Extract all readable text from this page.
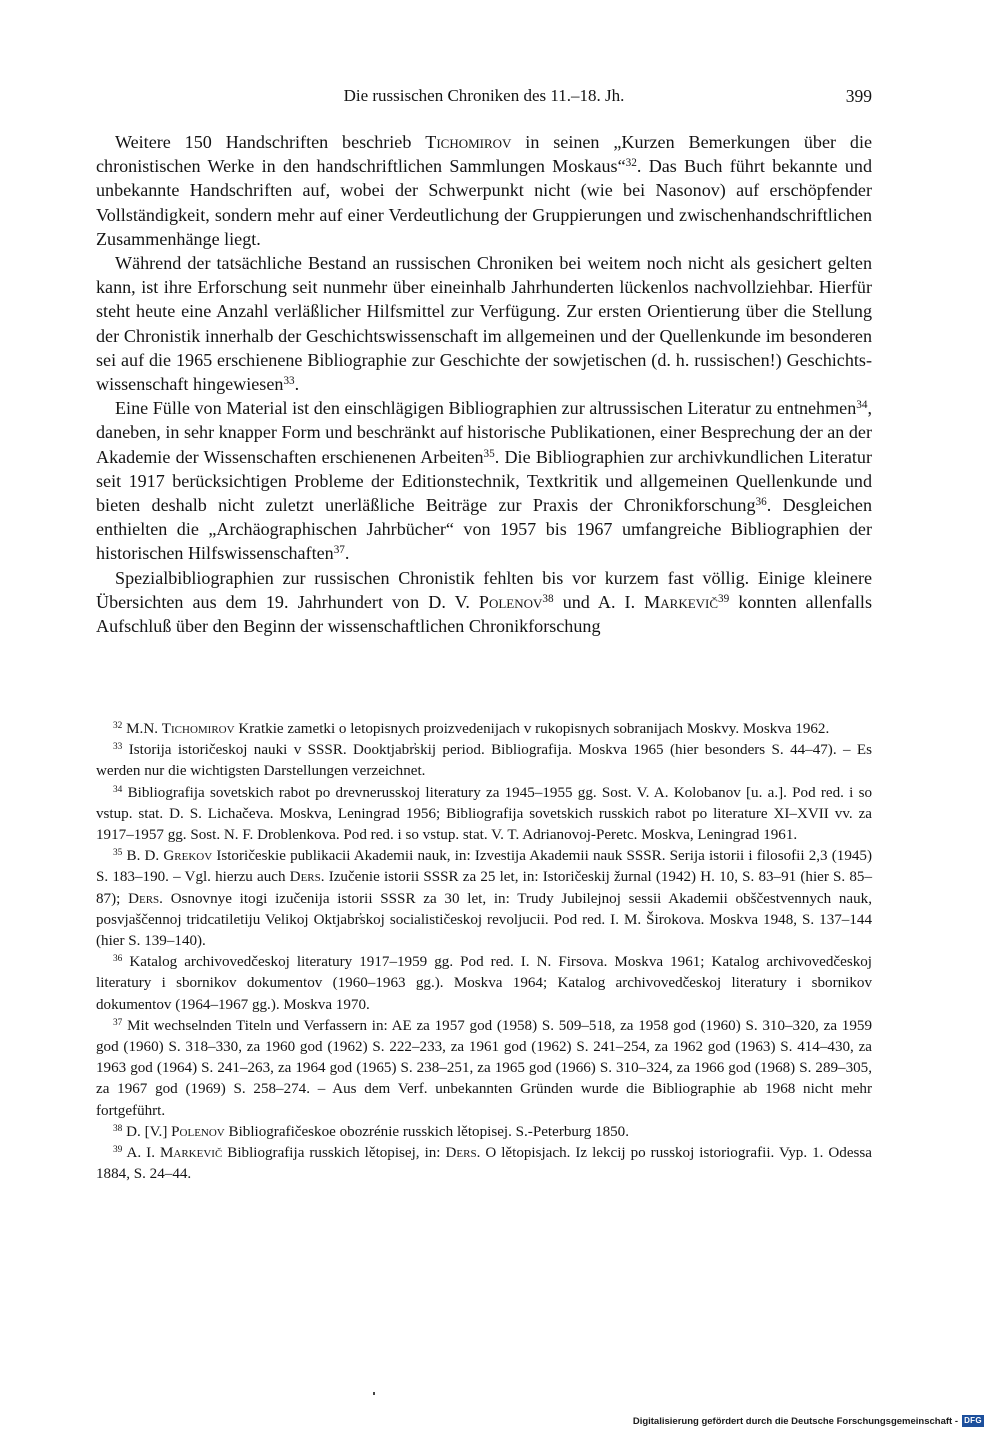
Die russischen Chroniken des 11.–18. Jh.	399

Weitere 150 Handschriften beschrieb Tichomirov in seinen „Kurzen Bemerkungen über die chronistischen Werke in den handschriftlichen Sammlungen Moskaus“$^{32}$. Das Buch führt bekannte und unbekannte Handschriften auf, wobei der Schwerpunkt nicht (wie bei Nasonov) auf erschöpfender Vollständigkeit, sondern mehr auf einer Verdeutlichung der Gruppierungen und zwischenhandschriftlichen Zusammenhänge liegt.

Während der tatsächliche Bestand an russischen Chroniken bei weitem noch nicht als gesichert gelten kann, ist ihre Erforschung seit nunmehr über eineinhalb Jahrhunderten lückenlos nachvollziehbar. Hierfür steht heute eine Anzahl verläßlicher Hilfsmittel zur Verfügung. Zur ersten Orientierung über die Stellung der Chronistik innerhalb der Geschichtswissenschaft im allgemeinen und der Quellenkunde im besonderen sei auf die 1965 erschienene Bibliographie zur Geschichte der sowjetischen (d. h. russischen!) Geschichtswissenschaft hingewiesen$^{33}$.

Eine Fülle von Material ist den einschlägigen Bibliographien zur altrussischen Literatur zu entnehmen$^{34}$, daneben, in sehr knapper Form und beschränkt auf historische Publikationen, einer Besprechung der an der Akademie der Wissenschaften erschienenen Arbeiten$^{35}$. Die Bibliographien zur archivkundlichen Literatur seit 1917 berücksichtigen Probleme der Editionstechnik, Textkritik und allgemeinen Quellenkunde und bieten deshalb nicht zuletzt unerläßliche Beiträge zur Praxis der Chronikforschung$^{36}$. Desgleichen enthielten die „Archäographischen Jahrbücher“ von 1957 bis 1967 umfangreiche Bibliographien der historischen Hilfswissenschaften$^{37}$.

Spezialbibliographien zur russischen Chronistik fehlten bis vor kurzem fast völlig. Einige kleinere Übersichten aus dem 19. Jahrhundert von D. V. Polenov$^{38}$ und A. I. Markevič$^{39}$ konnten allenfalls Aufschluß über den Beginn der wissenschaftlichen Chronikforschung

$^{32}$ M.N. Tichomirov Kratkie zametki o letopisnych proizvedenijach v rukopisnych sobranijach Moskvy. Moskva 1962.

$^{33}$ Istorija istoričeskoj nauki v SSSR. Dooktjabr̕skij period. Bibliografija. Moskva 1965 (hier besonders S. 44–47). – Es werden nur die wichtigsten Darstellungen verzeichnet.

$^{34}$ Bibliografija sovetskich rabot po drevnerusskoj literatury za 1945–1955 gg. Sost. V. A. Kolobanov [u. a.]. Pod red. i so vstup. stat. D. S. Lichačeva. Moskva, Leningrad 1956; Bibliografija sovetskich russkich rabot po literature XI–XVII vv. za 1917–1957 gg. Sost. N. F. Droblenkova. Pod red. i so vstup. stat. V. T. Adrianovoj-Peretc. Moskva, Leningrad 1961.

$^{35}$ B. D. Grekov Istoričeskie publikacii Akademii nauk, in: Izvestija Akademii nauk SSSR. Serija istorii i filosofii 2,3 (1945) S. 183–190. – Vgl. hierzu auch Ders. Izučenie istorii SSSR za 25 let, in: Istoričeskij žurnal (1942) H. 10, S. 83–91 (hier S. 85–87); Ders. Osnovnye itogi izučenija istorii SSSR za 30 let, in: Trudy Jubilejnoj sessii Akademii obščestvennych nauk, posvjaščennoj tridcatiletiju Velikoj Oktjabr̕skoj socialističeskoj revoljucii. Pod red. I. M. Širokova. Moskva 1948, S. 137–144 (hier S. 139–140).

$^{36}$ Katalog archivovedčeskoj literatury 1917–1959 gg. Pod red. I. N. Firsova. Moskva 1961; Katalog archivovedčeskoj literatury i sbornikov dokumentov (1960–1963 gg.). Moskva 1964; Katalog archivovedčeskoj literatury i sbornikov dokumentov (1964–1967 gg.). Moskva 1970.

$^{37}$ Mit wechselnden Titeln und Verfassern in: AE za 1957 god (1958) S. 509–518, za 1958 god (1960) S. 310–320, za 1959 god (1960) S. 318–330, za 1960 god (1962) S. 222–233, za 1961 god (1962) S. 241–254, za 1962 god (1963) S. 414–430, za 1963 god (1964) S. 241–263, za 1964 god (1965) S. 238–251, za 1965 god (1966) S. 310–324, za 1966 god (1968) S. 289–305, za 1967 god (1969) S. 258–274. – Aus dem Verf. unbekannten Gründen wurde die Bibliographie ab 1968 nicht mehr fortgeführt.

$^{38}$ D. [V.] Polenov Bibliografičeskoe obozrénie russkich lětopisej. S.-Peterburg 1850.

$^{39}$ A. I. Markevič Bibliografija russkich lětopisej, in: Ders. O lětopisjach. Iz lekcij po russkoj istoriografii. Vyp. 1. Odessa 1884, S. 24–44.

Digitalisierung gefördert durch die Deutsche Forschungsgemeinschaft - DFG
